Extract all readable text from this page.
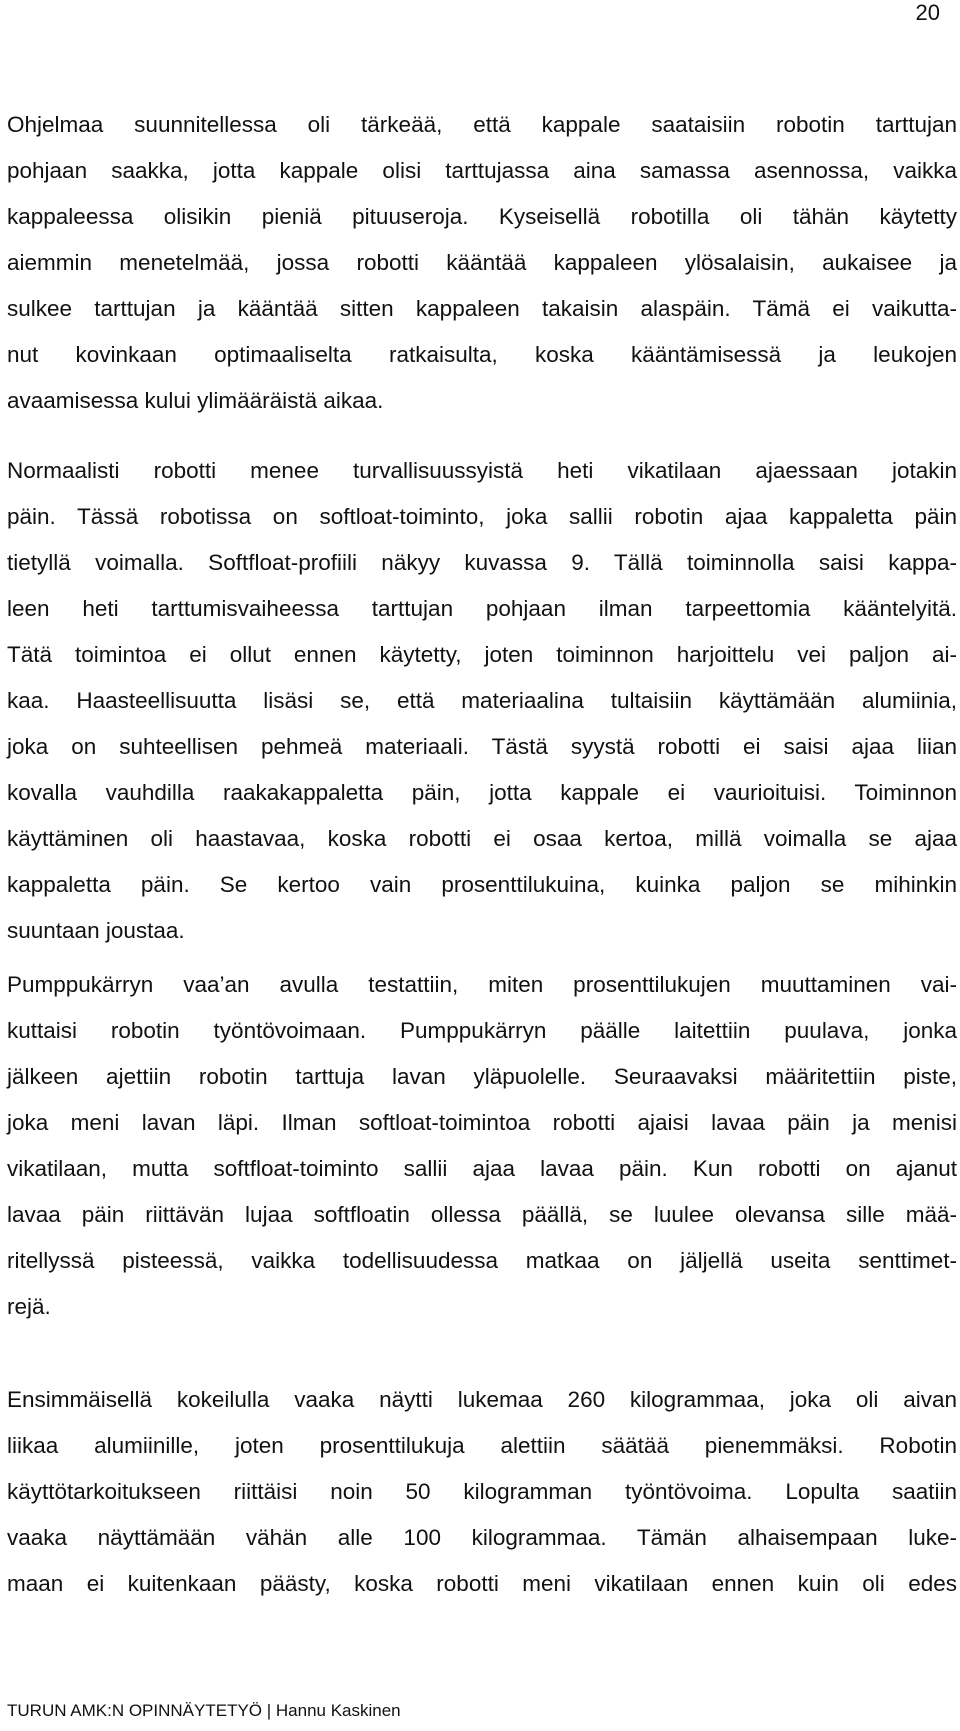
20
Ohjelmaa suunnitellessa oli tärkeää, että kappale saataisiin robotin tarttujan
pohjaan saakka, jotta kappale olisi tarttujassa aina samassa asennossa, vaikka
kappaleessa olisikin pieniä pituuseroja. Kyseisellä robotilla oli tähän käytetty
aiemmin menetelmää, jossa robotti kääntää kappaleen ylösalaisin, aukaisee ja
sulkee tarttujan ja kääntää sitten kappaleen takaisin alaspäin. Tämä ei vaikutta-
nut kovinkaan optimaaliselta ratkaisulta, koska kääntämisessä ja leukojen
avaamisessa kului ylimääräistä aikaa.
Normaalisti robotti menee turvallisuussyistä heti vikatilaan ajaessaan jotakin
päin. Tässä robotissa on softloat-toiminto, joka sallii robotin ajaa kappaletta päin
tietyllä voimalla. Softfloat-profiili näkyy kuvassa 9. Tällä toiminnolla saisi kappa-
leen heti tarttumisvaiheessa tarttujan pohjaan ilman tarpeettomia kääntelyitä.
Tätä toimintoa ei ollut ennen käytetty, joten toiminnon harjoittelu vei paljon ai-
kaa. Haasteellisuutta lisäsi se, että materiaalina tultaisiin käyttämään alumiinia,
joka on suhteellisen pehmeä materiaali. Tästä syystä robotti ei saisi ajaa liian
kovalla vauhdilla raakakappaletta päin, jotta kappale ei vaurioituisi. Toiminnon
käyttäminen oli haastavaa, koska robotti ei osaa kertoa, millä voimalla se ajaa
kappaletta päin. Se kertoo vain prosenttilukuina, kuinka paljon se mihinkin
suuntaan joustaa.
Pumppukärryn vaa’an avulla testattiin, miten prosenttilukujen muuttaminen vai-
kuttaisi robotin työntövoimaan. Pumppukärryn päälle laitettiin puulava, jonka
jälkeen ajettiin robotin tarttuja lavan yläpuolelle. Seuraavaksi määritettiin piste,
joka meni lavan läpi. Ilman softloat-toimintoa robotti ajaisi lavaa päin ja menisi
vikatilaan, mutta softfloat-toiminto sallii ajaa lavaa päin. Kun robotti on ajanut
lavaa päin riittävän lujaa softfloatin ollessa päällä, se luulee olevansa sille mää-
ritellyssä pisteessä, vaikka todellisuudessa matkaa on jäljellä useita senttimet-
rejä.
Ensimmäisellä kokeilulla vaaka näytti lukemaa 260 kilogrammaa, joka oli aivan
liikaa alumiinille, joten prosenttilukuja alettiin säätää pienemmäksi. Robotin
käyttötarkoitukseen riittäisi noin 50 kilogramman työntövoima. Lopulta saatiin
vaaka näyttämään vähän alle 100 kilogrammaa. Tämän alhaisempaan luke-
maan ei kuitenkaan päästy, koska robotti meni vikatilaan ennen kuin oli edes
TURUN AMK:N OPINNÄYTETYÖ | Hannu Kaskinen
